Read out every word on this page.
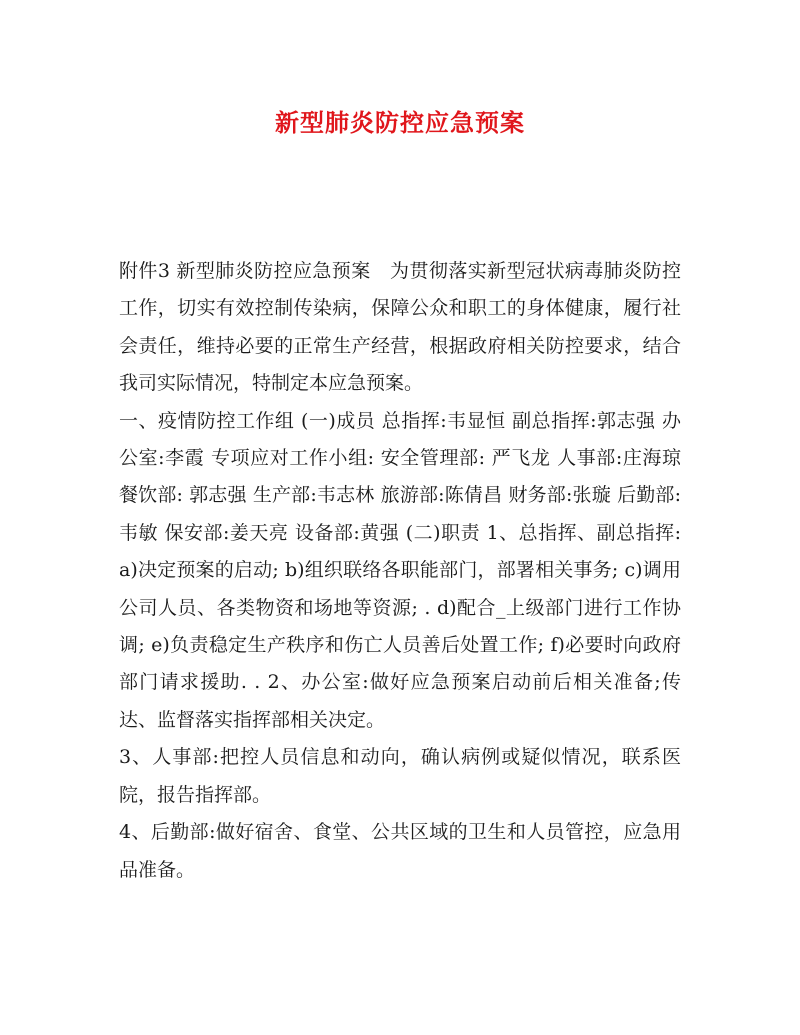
新型肺炎防控应急预案

附件3 新型肺炎防控应急预案　为贯彻落实新型冠状病毒肺炎防控工作，切实有效控制传染病，保障公众和职工的身体健康，履行社会责任，维持必要的正常生产经营，根据政府相关防控要求，结合我司实际情况，特制定本应急预案。

一、疫情防控工作组 (一)成员 总指挥:韦显恒 副总指挥:郭志强 办公室:李霞 专项应对工作小组: 安全管理部: 严飞龙 人事部:庄海琼 餐饮部: 郭志强 生产部:韦志林 旅游部:陈倩昌 财务部:张璇 后勤部:韦敏 保安部:姜天亮 设备部:黄强 (二)职责 1、总指挥、副总指挥: a)决定预案的启动; b)组织联络各职能部门，部署相关事务; c)调用公司人员、各类物资和场地等资源; . d)配合_上级部门进行工作协调; e)负责稳定生产秩序和伤亡人员善后处置工作; f)必要时向政府部门请求援助. . 2、办公室:做好应急预案启动前后相关准备;传达、监督落实指挥部相关决定。

3、人事部:把控人员信息和动向，确认病例或疑似情况，联系医院，报告指挥部。

4、后勤部:做好宿舍、食堂、公共区域的卫生和人员管控，应急用品准备。
